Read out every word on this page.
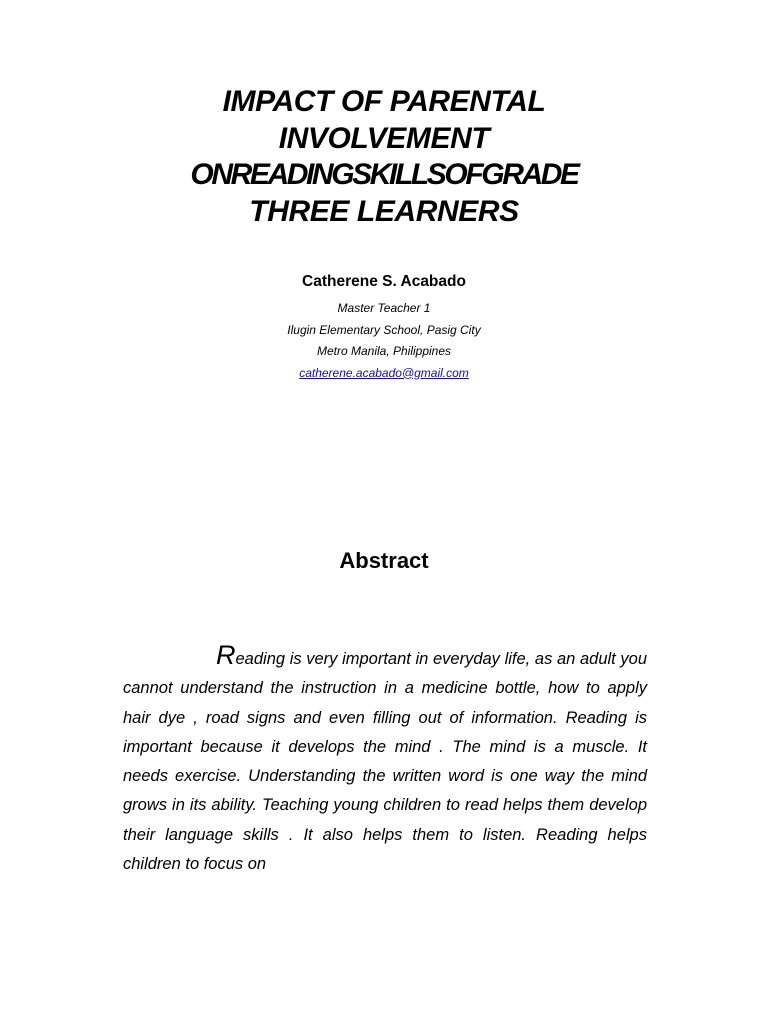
IMPACT OF PARENTAL
INVOLVEMENT
ONREADINGSKILLSOFGRADE
THREE LEARNERS

Catherene S. Acabado

Master Teacher 1

Ilugin Elementary School, Pasig City

Metro Manila, Philippines

catherene.acabado@gmail.com

Abstract

Reading is very important in everyday life, as an adult you cannot understand the instruction in a medicine bottle, how to apply hair dye , road signs and even filling out of information. Reading is important because it develops the mind . The mind is a muscle. It needs exercise. Understanding the written word is one way the mind grows in its ability. Teaching young children to read helps them develop their language skills . It also helps them to listen. Reading helps children to focus on
